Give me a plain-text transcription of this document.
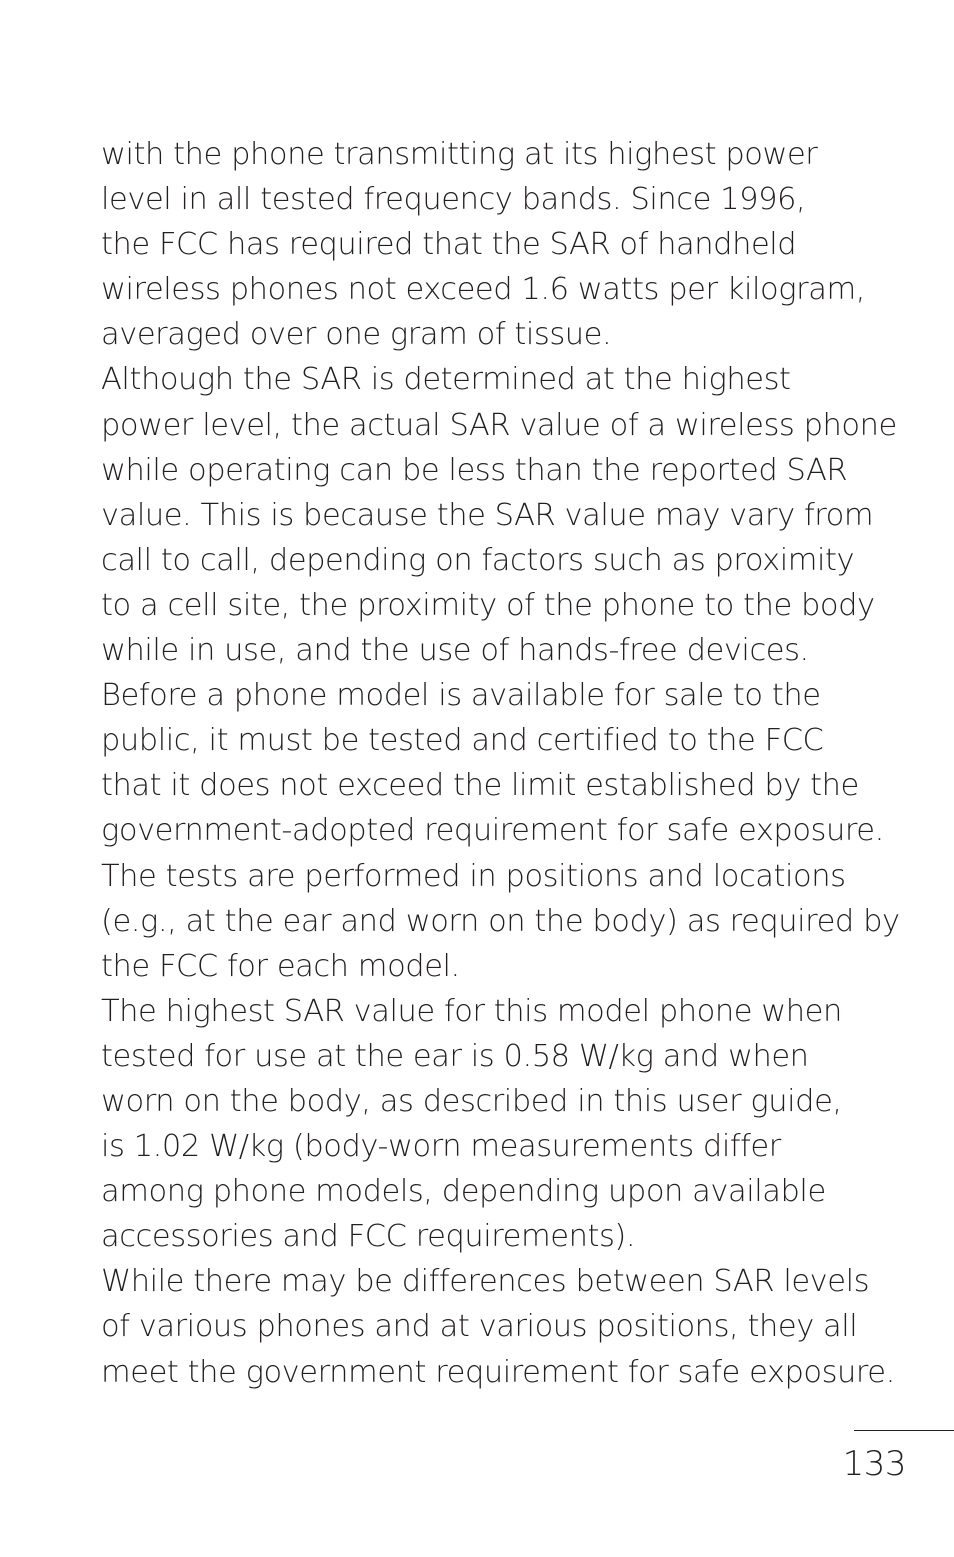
with the phone transmitting at its highest power
level in all tested frequency bands. Since 1996,
the FCC has required that the SAR of handheld
wireless phones not exceed 1.6 watts per kilogram,
averaged over one gram of tissue.
Although the SAR is determined at the highest
power level, the actual SAR value of a wireless phone
while operating can be less than the reported SAR
value. This is because the SAR value may vary from
call to call, depending on factors such as proximity
to a cell site, the proximity of the phone to the body
while in use, and the use of hands-free devices.
Before a phone model is available for sale to the
public, it must be tested and certified to the FCC
that it does not exceed the limit established by the
government-adopted requirement for safe exposure.
The tests are performed in positions and locations
(e.g., at the ear and worn on the body) as required by
the FCC for each model.
The highest SAR value for this model phone when
tested for use at the ear is 0.58 W/kg and when
worn on the body, as described in this user guide,
is 1.02 W/kg (body-worn measurements differ
among phone models, depending upon available
accessories and FCC requirements).
While there may be differences between SAR levels
of various phones and at various positions, they all
meet the government requirement for safe exposure.
133
